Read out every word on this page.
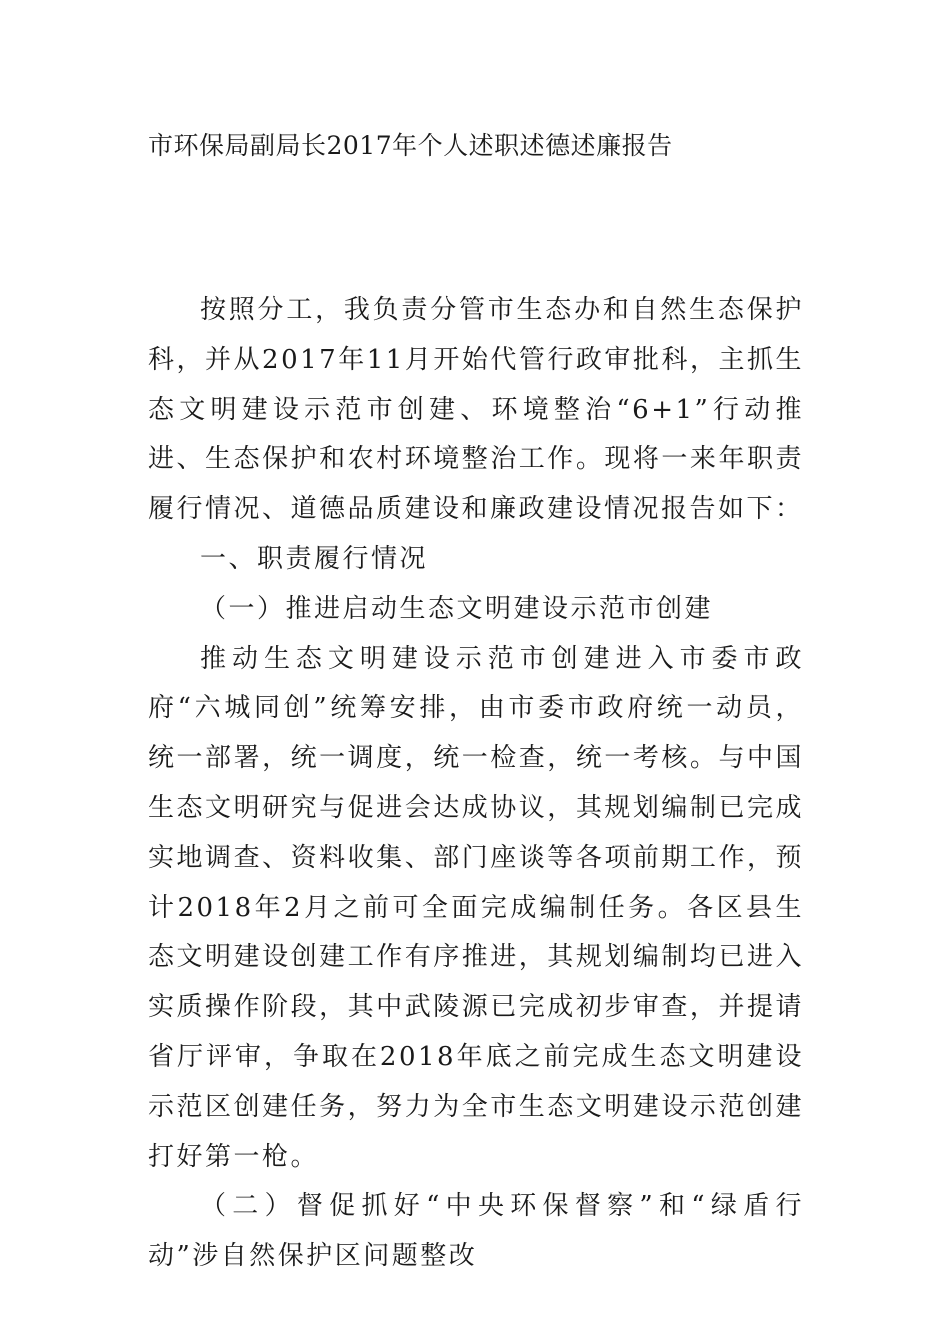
市环保局副局长2017年个人述职述德述廉报告

按照分工，我负责分管市生态办和自然生态保护科，并从2017年11月开始代管行政审批科，主抓生态文明建设示范市创建、环境整治“6+1”行动推进、生态保护和农村环境整治工作。现将一来年职责履行情况、道德品质建设和廉政建设情况报告如下：

一、职责履行情况

（一）推进启动生态文明建设示范市创建

推动生态文明建设示范市创建进入市委市政府“六城同创”统筹安排，由市委市政府统一动员，统一部署，统一调度，统一检查，统一考核。与中国生态文明研究与促进会达成协议，其规划编制已完成实地调查、资料收集、部门座谈等各项前期工作，预计2018年2月之前可全面完成编制任务。各区县生态文明建设创建工作有序推进，其规划编制均已进入实质操作阶段，其中武陵源已完成初步审查，并提请省厅评审，争取在2018年底之前完成生态文明建设示范区创建任务，努力为全市生态文明建设示范创建打好第一枪。

（二）督促抓好“中央环保督察”和“绿盾行动”涉自然保护区问题整改
